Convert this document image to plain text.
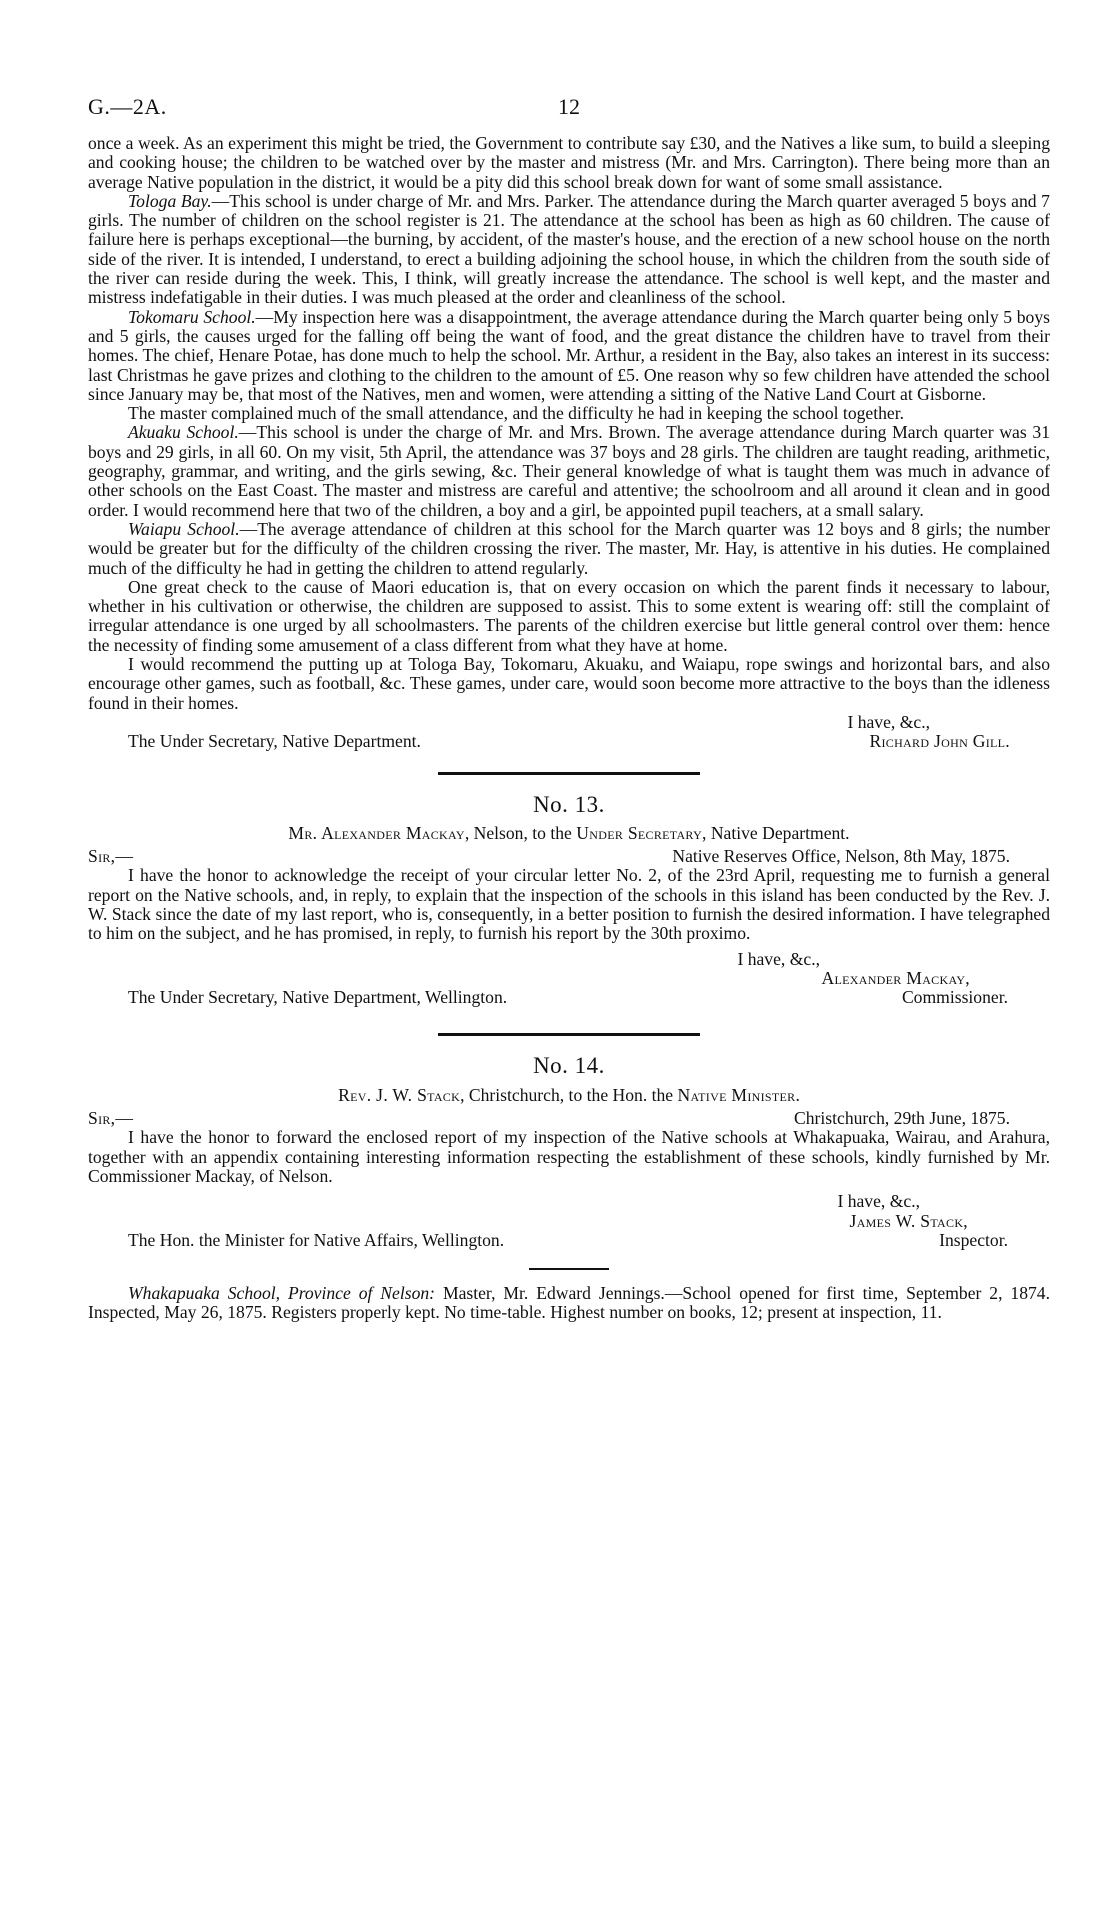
G.—2A.	12

once a week. As an experiment this might be tried, the Government to contribute say £30, and the Natives a like sum, to build a sleeping and cooking house; the children to be watched over by the master and mistress (Mr. and Mrs. Carrington). There being more than an average Native population in the district, it would be a pity did this school break down for want of some small assistance.

Tologa Bay.—This school is under charge of Mr. and Mrs. Parker. The attendance during the March quarter averaged 5 boys and 7 girls. The number of children on the school register is 21. The attendance at the school has been as high as 60 children. The cause of failure here is perhaps exceptional—the burning, by accident, of the master's house, and the erection of a new school house on the north side of the river. It is intended, I understand, to erect a building adjoining the school house, in which the children from the south side of the river can reside during the week. This, I think, will greatly increase the attendance. The school is well kept, and the master and mistress indefatigable in their duties. I was much pleased at the order and cleanliness of the school.

Tokomaru School.—My inspection here was a disappointment, the average attendance during the March quarter being only 5 boys and 5 girls, the causes urged for the falling off being the want of food, and the great distance the children have to travel from their homes. The chief, Henare Potae, has done much to help the school. Mr. Arthur, a resident in the Bay, also takes an interest in its success: last Christmas he gave prizes and clothing to the children to the amount of £5. One reason why so few children have attended the school since January may be, that most of the Natives, men and women, were attending a sitting of the Native Land Court at Gisborne.

The master complained much of the small attendance, and the difficulty he had in keeping the school together.

Akuaku School.—This school is under the charge of Mr. and Mrs. Brown. The average attendance during March quarter was 31 boys and 29 girls, in all 60. On my visit, 5th April, the attendance was 37 boys and 28 girls. The children are taught reading, arithmetic, geography, grammar, and writing, and the girls sewing, &c. Their general knowledge of what is taught them was much in advance of other schools on the East Coast. The master and mistress are careful and attentive; the schoolroom and all around it clean and in good order. I would recommend here that two of the children, a boy and a girl, be appointed pupil teachers, at a small salary.

Waiapu School.—The average attendance of children at this school for the March quarter was 12 boys and 8 girls; the number would be greater but for the difficulty of the children crossing the river. The master, Mr. Hay, is attentive in his duties. He complained much of the difficulty he had in getting the children to attend regularly.

One great check to the cause of Maori education is, that on every occasion on which the parent finds it necessary to labour, whether in his cultivation or otherwise, the children are supposed to assist. This to some extent is wearing off: still the complaint of irregular attendance is one urged by all schoolmasters. The parents of the children exercise but little general control over them: hence the necessity of finding some amusement of a class different from what they have at home.

I would recommend the putting up at Tologa Bay, Tokomaru, Akuaku, and Waiapu, rope swings and horizontal bars, and also encourage other games, such as football, &c. These games, under care, would soon become more attractive to the boys than the idleness found in their homes.

I have, &c.,
The Under Secretary, Native Department.	Richard John Gill.
No. 13.
Mr. Alexander Mackay, Nelson, to the Under Secretary, Native Department.
Sir,—	Native Reserves Office, Nelson, 8th May, 1875.

I have the honor to acknowledge the receipt of your circular letter No. 2, of the 23rd April, requesting me to furnish a general report on the Native schools, and, in reply, to explain that the inspection of the schools in this island has been conducted by the Rev. J. W. Stack since the date of my last report, who is, consequently, in a better position to furnish the desired information. I have telegraphed to him on the subject, and he has promised, in reply, to furnish his report by the 30th proximo.

I have, &c.,
Alexander Mackay,
The Under Secretary, Native Department, Wellington.	Commissioner.
No. 14.
Rev. J. W. Stack, Christchurch, to the Hon. the Native Minister.
Sir,—	Christchurch, 29th June, 1875.

I have the honor to forward the enclosed report of my inspection of the Native schools at Whakapuaka, Wairau, and Arahura, together with an appendix containing interesting information respecting the establishment of these schools, kindly furnished by Mr. Commissioner Mackay, of Nelson.

I have, &c.,
James W. Stack,
The Hon. the Minister for Native Affairs, Wellington.	Inspector.

Whakapuaka School, Province of Nelson: Master, Mr. Edward Jennings.—School opened for first time, September 2, 1874. Inspected, May 26, 1875. Registers properly kept. No time-table. Highest number on books, 12; present at inspection, 11.
